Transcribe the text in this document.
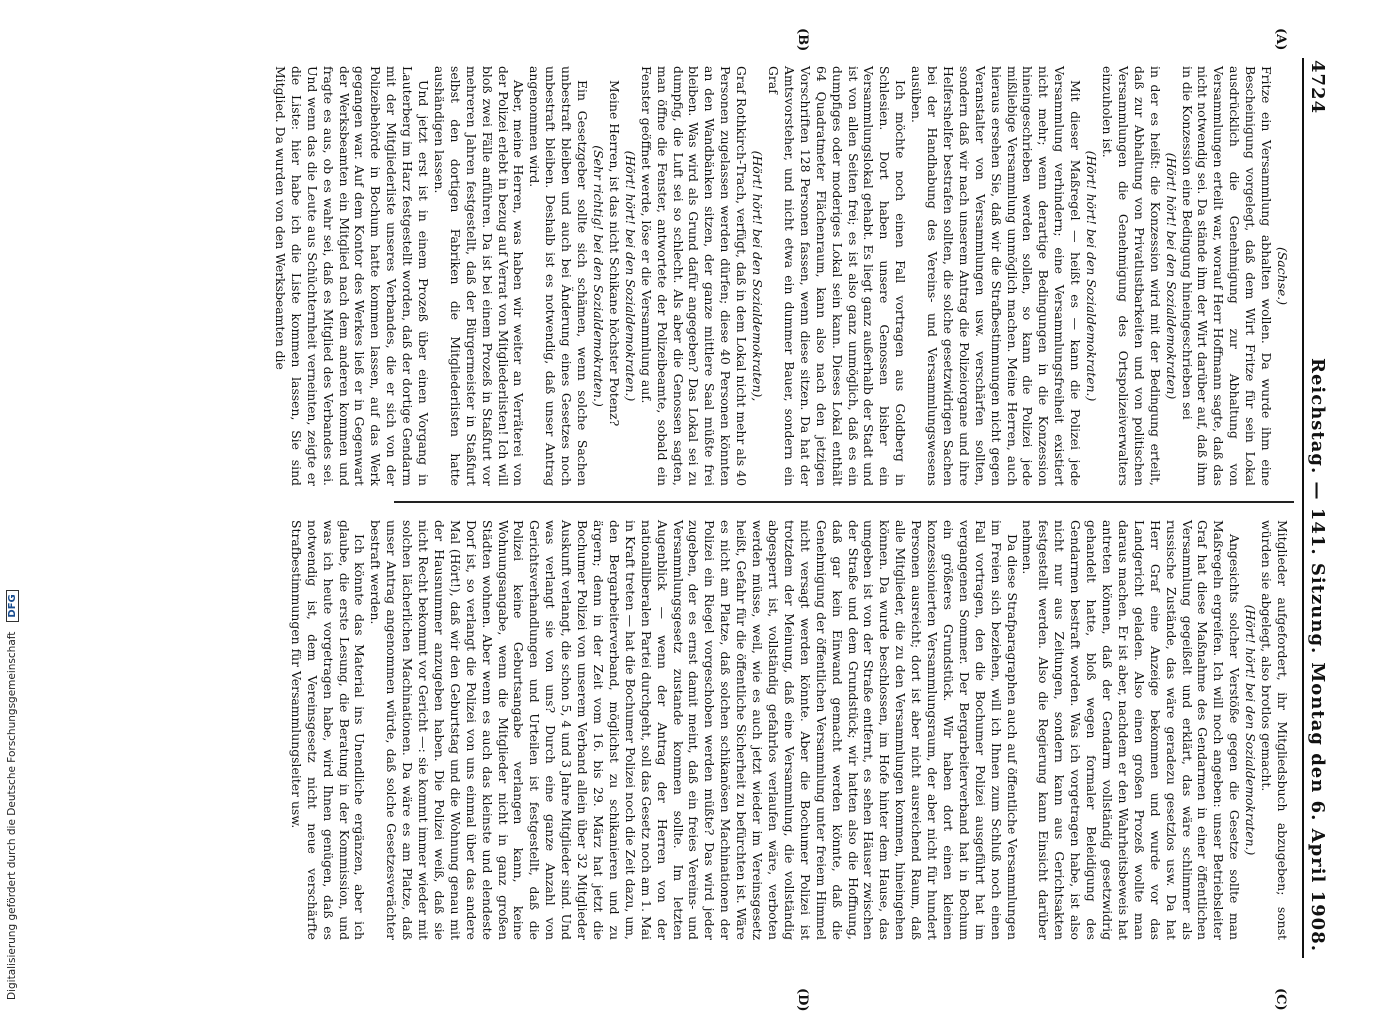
4724
Reichstag. — 141. Sitzung.
Montag den 6. April 1908.
(A)
(B)
(C)
(D)

(Sachse.)

Fritze ein Versammlung abhalten wollen. Da wurde ihm eine Bescheinigung vorgelegt, daß dem Wirt Fritze für sein Lokal ausdrücklich die Genehmigung zur Abhaltung von Versammlungen erteilt war, worauf Herr Hoffmann sagte, daß das nicht notwendig sei. Da stände ihm der Wirt darüber auf, daß ihm in die Konzession eine Bedingung hineingeschrieben sei

(Hört! hört! bei den Sozialdemokraten)

in der es heißt: die Konzession wird mit der Bedingung erteilt, daß zur Abhaltung von Privatlustbarkeiten und von politischen Versammlungen die Genehmigung des Ortspolizeiverwalters einzuholen ist.

(Hört! hört! bei den Sozialdemokraten.)

Mit dieser Maßregel — heißt es — kann die Polizei jede Versammlung verhindern; eine Versammlungsfreiheit existiert nicht mehr; wenn derartige Bedingungen in die Konzession hineingeschrieben werden sollen, so kann die Polizei jede mißliebige Versammlung unmöglich machen. Meine Herren, auch hieraus ersehen Sie, daß wir die Strafbestimmungen nicht gegen Veranstalter von Versammlungen usw. verschärfen sollten, sondern daß wir nach unserem Antrag die Polizeiorgane und ihre Helfershelfer bestrafen sollten, die solche gesetzwidrigen Sachen bei der Handhabung des Vereins- und Versammlungswesens ausüben.

Ich möchte noch einen Fall vortragen aus Goldberg in Schlesien. Dort haben unsere Genossen bisher ein Versammlungslokal gehabt. Es liegt ganz außerhalb der Stadt und ist von allen Seiten frei; es ist also ganz unmöglich, daß es ein dumpfiges oder moderiges Lokal sein kann. Dieses Lokal enthält 64 Quadratmeter Flächenraum, kann also nach den jetzigen Vorschriften 128 Personen fassen, wenn diese sitzen. Da hat der Amtsvorsteher, und nicht etwa ein dummer Bauer, sondern ein Graf

(Hört! hört! bei den Sozialdemokraten),

Graf Rothkirch-Trach, verfügt, daß in dem Lokal nicht mehr als 40 Personen zugelassen werden dürfen; diese 40 Personen könnten an den Wandbänken sitzen, der ganze mittlere Saal müßte frei bleiben. Was wird als Grund dafür angegeben? Das Lokal sei zu dumpfig, die Luft sei so schlecht. Als aber die Genossen sagten, man öffne die Fenster, antwortete der Polizeibeamte, sobald ein Fenster geöffnet werde, löse er die Versammlung auf.

(Hört! hört! bei den Sozialdemokraten.)

Meine Herren, ist das nicht Schikane höchster Potenz?

(Sehr richtig! bei den Sozialdemokraten.)

Ein Gesetzgeber sollte sich schämen, wenn solche Sachen unbestraft bleiben und auch bei Änderung eines Gesetzes noch unbestraft bleiben. Deshalb ist es notwendig, daß unser Antrag angenommen wird.

Aber, meine Herren, was haben wir weiter an Verräterei von der Polizei erlebt in bezug auf Verrat von Mitgliederlisten! Ich will bloß zwei Fälle anführen. Da ist bei einem Prozeß in Staßfurt vor mehreren Jahren festgestellt, daß der Bürgermeister in Staßfurt selbst den dortigen Fabriken die Mitgliederlisten hatte aushändigen lassen.

Und jetzt erst ist in einem Prozeß über einen Vorgang in Lauterberg im Harz festgestellt worden, daß der dortige Gendarm mit der Mitgliederliste unseres Verbandes, die er sich von der Polizeibehörde in Bochum hatte kommen lassen, auf das Werk gegangen war. Auf dem Kontor des Werkes ließ er in Gegenwart der Werksbeamten ein Mitglied nach dem anderen kommen und fragte es aus, ob es wahr sei, daß es Mitglied des Verbandes sei. Und wenn das die Leute aus Schüchternheit verneinten, zeigte er die Liste: hier habe ich die Liste kommen lassen, Sie sind Mitglied. Da wurden von den Werksbeamten die

Mitglieder aufgefordert, ihr Mitgliedsbuch abzugeben; sonst würden sie abgelegt, also brotlos gemacht.

(Hört! hört! bei den Sozialdemokraten.)

Angesichts solcher Verstöße gegen die Gesetze sollte man Maßregeln ergreifen. Ich will noch angeben: unser Betriebsleiter Graf hat diese Maßnahme des Gendarmen in einer öffentlichen Versammlung gegeißelt und erklärt, das wäre schlimmer als russische Zustände, das wäre geradezu gesetzlos usw. Da hat Herr Graf eine Anzeige bekommen und wurde vor das Landgericht geladen. Also einen großen Prozeß wollte man daraus machen. Er ist aber, nachdem er den Wahrheitsbeweis hat antreten können, daß der Gendarm vollständig gesetzwidrig gehandelt hatte, bloß wegen formaler Beleidigung des Gendarmen bestraft worden. Was ich vorgetragen habe, ist also nicht nur aus Zeitungen, sondern kann aus Gerichtsakten festgestellt werden. Also die Regierung kann Einsicht darüber nehmen.

Da diese Strafparagraphen auch auf öffentliche Versammlungen im Freien sich beziehen, will ich Ihnen zum Schluß noch einen Fall vortragen, den die Bochumer Polizei ausgeführt hat im vergangenen Sommer. Der Bergarbeiterverband hat in Bochum ein größeres Grundstück. Wir haben dort einen kleinen konzessionierten Versammlungsraum, der aber nicht für hundert Personen ausreicht; dort ist aber nicht ausreichend Raum, daß alle Mitglieder, die zu den Versammlungen kommen, hineingehen können. Da wurde beschlossen, im Hofe hinter dem Hause, das umgeben ist von der Straße entfernt, es sehen Häuser zwischen der Straße und dem Grundstück; wir hatten also die Hoffnung, daß gar kein Einwand gemacht werden könnte, daß die Genehmigung der öffentlichen Versammlung unter freiem Himmel nicht versagt werden könnte. Aber die Bochumer Polizei ist trotzdem der Meinung, daß eine Versammlung, die vollständig abgesperrt ist, vollständig gefahrlos verlaufen wäre, verboten werden müsse, weil, wie es auch jetzt wieder im Vereinsgesetz heißt, Gefahr für die öffentliche Sicherheit zu befürchten ist. Wäre es nicht am Platze, daß solchen schikanösen Machinationen der Polizei ein Riegel vorgeschoben werden müßte? Das wird jeder zugeben, der es ernst damit meint, daß ein freies Vereins- und Versammlungsgesetz zustande kommen sollte. Im letzten Augenblick — wenn der Antrag der Herren von der nationalliberalen Partei durchgeht, soll das Gesetz noch am 1. Mai in Kraft treten — hat die Bochumer Polizei noch die Zeit dazu, um, den Bergarbeiterverband, möglichst zu schikanieren und zu ärgern; denn in der Zeit vom 16. bis 29. März hat jetzt die Bochumer Polizei von unserem Verband allein über 32 Mitglieder Auskunft verlangt, die schon 5, 4 und 3 Jahre Mitglieder sind. Und was verlangt sie von uns? Durch eine ganze Anzahl von Gerichtsverhandlungen und Urteilen ist festgestellt, daß die Polizei keine Geburtsangabe verlangen kann, keine Wohnungsangabe, wenn die Mitglieder nicht in ganz großen Städten wohnen. Aber wenn es auch das kleinste und elendeste Dorf ist, so verlangt die Polizei von uns einmal über das andere Mal (Hört!), daß wir den Geburtstag und die Wohnung genau mit der Hausnummer anzugeben haben. Die Polizei weiß, daß sie nicht Recht bekommt vor Gericht —: sie kommt immer wieder mit solchen lächerlichen Machinationen. Da wäre es am Platze, daß unser Antrag angenommen würde, daß solche Gesetzesverächter bestraft werden.

Ich könnte das Material ins Unendliche ergänzen, aber ich glaube, die erste Lesung, die Beratung in der Kommission, und was ich heute vorgetragen habe, wird Ihnen genügen, daß es notwendig ist, dem Vereinsgesetz nicht neue verschärfte Strafbestimmungen für Versammlungsleiter usw.

Digitalisierung gefördert durch die Deutsche Forschungsgemeinschaft
DFG
